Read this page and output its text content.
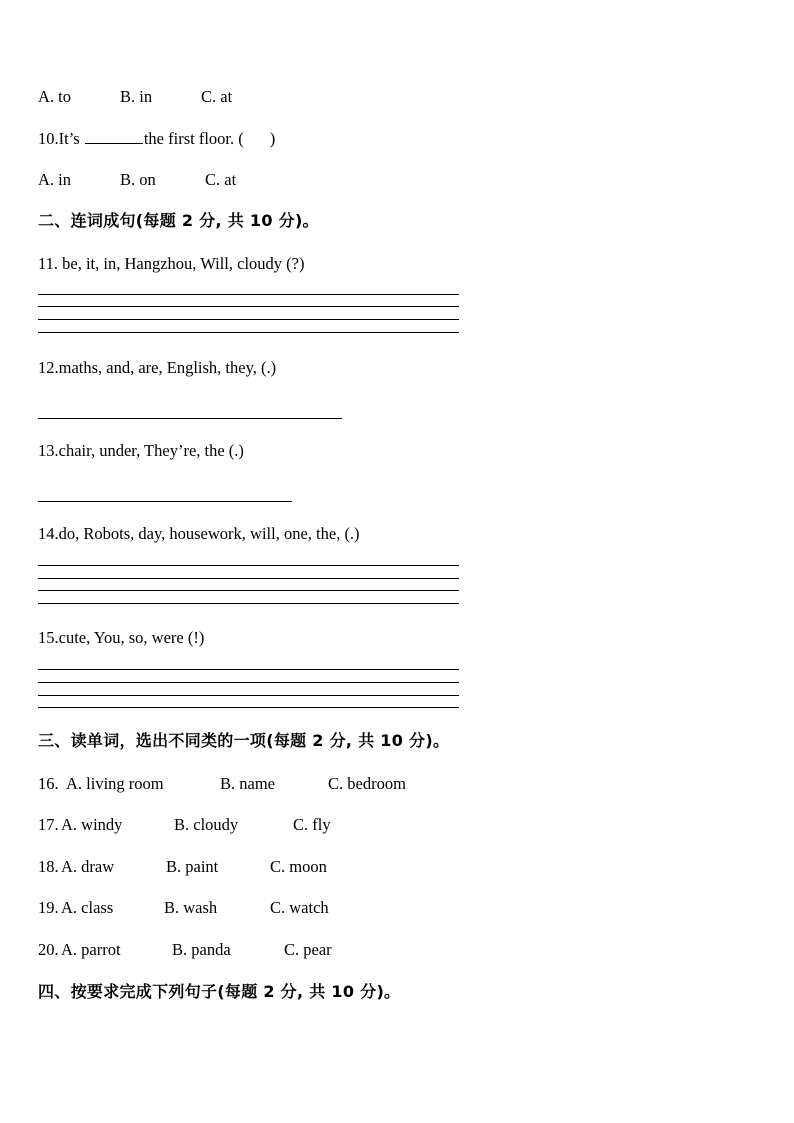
A. to	B. in	C. at
10.It’s	the first floor. ( )
A. in	B. on	C. at
二、连词成句(每题 2 分, 共 10 分)。
11. be, it, in, Hangzhou, Will, cloudy (?)
12.maths, and, are, English, they, (.)
13.chair, under, They’re, the (.)
14.do, Robots, day, housework, will, one, the, (.)
15.cute, You, so, were (!)
三、读单词，选出不同类的一项(每题 2 分, 共 10 分)。
16. A. living room	B. name	C. bedroom
17. A. windy	B. cloudy	C. fly
18. A. draw	B. paint	C. moon
19. A. class	B. wash	C. watch
20. A. parrot	B. panda	C. pear
四、按要求完成下列句子(每题 2 分, 共 10 分)。
